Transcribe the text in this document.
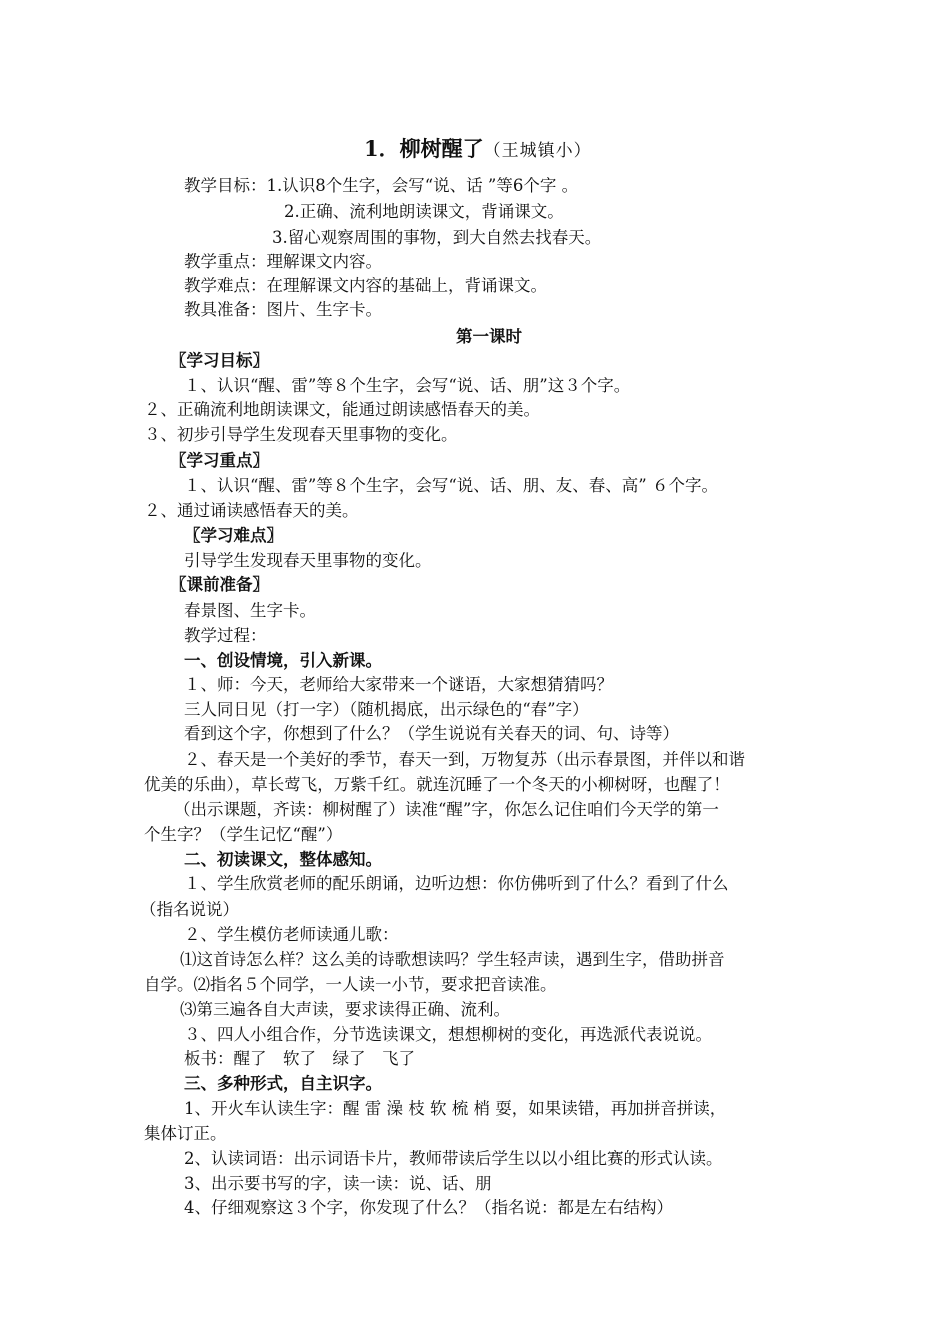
1．柳树醒了（王城镇小）
教学目标：1.认识8个生字，会写“说、话 ”等6个字 。
2.正确、流利地朗读课文，背诵课文。
3.留心观察周围的事物，到大自然去找春天。
教学重点：理解课文内容。
教学难点：在理解课文内容的基础上，背诵课文。
教具准备：图片、生字卡。
第一课时
〖学习目标〗
１、认识“醒、雷”等８个生字，会写“说、话、朋”这３个字。
２、正确流利地朗读课文，能通过朗读感悟春天的美。
３、初步引导学生发现春天里事物的变化。
〖学习重点〗
１、认识“醒、雷”等８个生字，会写“说、话、朋、友、春、高” ６个字。
２、通过诵读感悟春天的美。
〖学习难点〗
引导学生发现春天里事物的变化。
〖课前准备〗
春景图、生字卡。
教学过程：
一、创设情境，引入新课。
１、师：今天，老师给大家带来一个谜语，大家想猜猜吗？
三人同日见（打一字）（随机揭底，出示绿色的“春”字）
看到这个字，你想到了什么？（学生说说有关春天的词、句、诗等）
２、春天是一个美好的季节，春天一到，万物复苏（出示春景图，并伴以和谐
优美的乐曲），草长莺飞，万紫千红。就连沉睡了一个冬天的小柳树呀，也醒了！
（出示课题，齐读：柳树醒了）读准“醒”字，你怎么记住咱们今天学的第一
个生字？（学生记忆“醒”）
二、初读课文，整体感知。
１、学生欣赏老师的配乐朗诵，边听边想：你仿佛听到了什么？看到了什么
（指名说说）
２、学生模仿老师读通儿歌：
⑴这首诗怎么样？这么美的诗歌想读吗？学生轻声读，遇到生字，借助拼音
自学。⑵指名５个同学，一人读一小节，要求把音读准。
⑶第三遍各自大声读，要求读得正确、流利。
３、四人小组合作，分节选读课文，想想柳树的变化，再选派代表说说。
板书：醒了　软了　绿了　飞了
三、多种形式，自主识字。
1、开火车认读生字：醒 雷 澡 枝 软 梳 梢 耍，如果读错，再加拼音拼读，
集体订正。
2、认读词语：出示词语卡片，教师带读后学生以以小组比赛的形式认读。
3、出示要书写的字，读一读：说、话、朋
4、仔细观察这３个字，你发现了什么？（指名说：都是左右结构）
